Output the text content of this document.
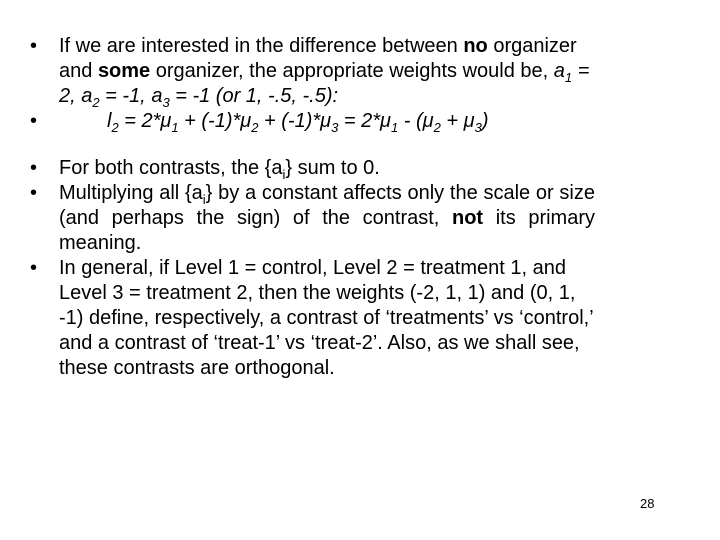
•	If we are interested in the difference between no organizer and some organizer, the appropriate weights would be, $a_1 = 2$, $a_2 = -1$, $a_3 = -1$ (or 1, -.5, -.5):
•	$l_2 = 2*\mu_1 + (-1)*\mu_2 + (-1)*\mu_3 = 2*\mu_1 - (\mu_2 + \mu_3)$
•	For both contrasts, the $\{a_i\}$ sum to 0.
•	Multiplying all $\{a_i\}$ by a constant affects only the scale or size (and perhaps the sign) of the contrast, not its primary meaning.
•	In general, if Level 1 = control, Level 2 = treatment 1, and Level 3 = treatment 2, then the weights (-2, 1, 1) and (0, 1, -1) define, respectively, a contrast of ‘treatments’ vs ‘control,’ and a contrast of ‘treat-1’ vs ‘treat-2’. Also, as we shall see, these contrasts are orthogonal.
28
